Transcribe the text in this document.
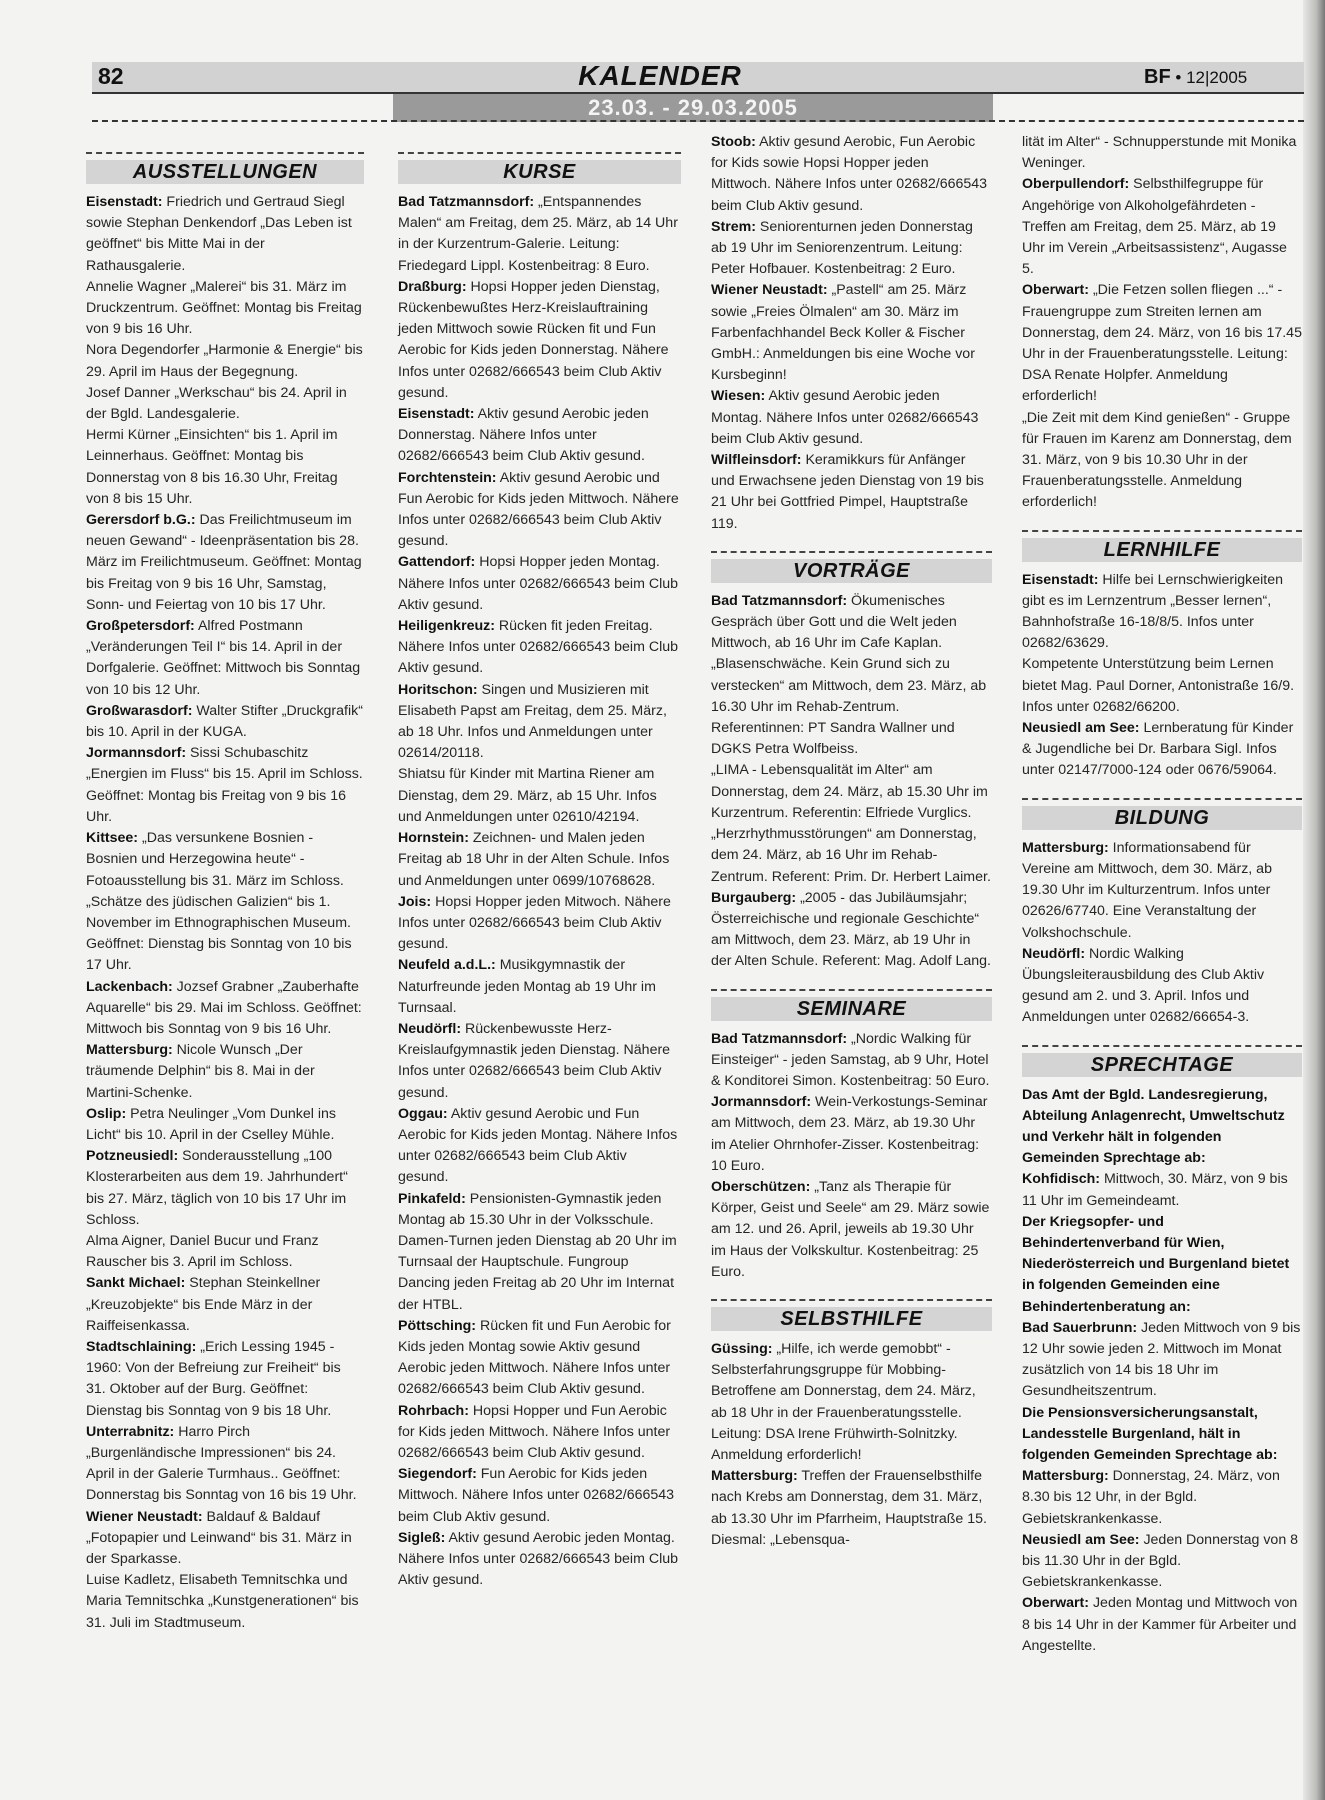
82	KALENDER	BF • 12|2005
23.03. - 29.03.2005
AUSSTELLUNGEN

Eisenstadt: Friedrich und Gertraud Siegl sowie Stephan Denkendorf „Das Leben ist geöffnet“ bis Mitte Mai in der Rathausgalerie.

Annelie Wagner „Malerei“ bis 31. März im Druckzentrum. Geöffnet: Montag bis Freitag von 9 bis 16 Uhr.

Nora Degendorfer „Harmonie & Energie“ bis 29. April im Haus der Begegnung.

Josef Danner „Werkschau“ bis 24. April in der Bgld. Landesgalerie.

Hermi Kürner „Einsichten“ bis 1. April im Leinnerhaus. Geöffnet: Montag bis Donnerstag von 8 bis 16.30 Uhr, Freitag von 8 bis 15 Uhr.

Gerersdorf b.G.: Das Freilichtmuseum im neuen Gewand“ - Ideenpräsentation bis 28. März im Freilichtmuseum. Geöffnet: Montag bis Freitag von 9 bis 16 Uhr, Samstag, Sonn- und Feiertag von 10 bis 17 Uhr.

Großpetersdorf: Alfred Postmann „Veränderungen Teil I“ bis 14. April in der Dorfgalerie. Geöffnet: Mittwoch bis Sonntag von 10 bis 12 Uhr.

Großwarasdorf: Walter Stifter „Druckgrafik“ bis 10. April in der KUGA.

Jormannsdorf: Sissi Schubaschitz „Energien im Fluss“ bis 15. April im Schloss. Geöffnet: Montag bis Freitag von 9 bis 16 Uhr.

Kittsee: „Das versunkene Bosnien - Bosnien und Herzegowina heute“ - Fotoausstellung bis 31. März im Schloss.

„Schätze des jüdischen Galizien“ bis 1. November im Ethnographischen Museum. Geöffnet: Dienstag bis Sonntag von 10 bis 17 Uhr.

Lackenbach: Jozsef Grabner „Zauberhafte Aquarelle“ bis 29. Mai im Schloss. Geöffnet: Mittwoch bis Sonntag von 9 bis 16 Uhr.

Mattersburg: Nicole Wunsch „Der träumende Delphin“ bis 8. Mai in der Martini-Schenke.

Oslip: Petra Neulinger „Vom Dunkel ins Licht“ bis 10. April in der Cselley Mühle.

Potzneusiedl: Sonderausstellung „100 Klosterarbeiten aus dem 19. Jahrhundert“ bis 27. März, täglich von 10 bis 17 Uhr im Schloss.

Alma Aigner, Daniel Bucur und Franz Rauscher bis 3. April im Schloss.

Sankt Michael: Stephan Steinkellner „Kreuzobjekte“ bis Ende März in der Raiffeisenkassa.

Stadtschlaining: „Erich Lessing 1945 - 1960: Von der Befreiung zur Freiheit“ bis 31. Oktober auf der Burg. Geöffnet: Dienstag bis Sonntag von 9 bis 18 Uhr.

Unterrabnitz: Harro Pirch „Burgenländische Impressionen“ bis 24. April in der Galerie Turmhaus.. Geöffnet: Donnerstag bis Sonntag von 16 bis 19 Uhr.

Wiener Neustadt: Baldauf & Baldauf „Fotopapier und Leinwand“ bis 31. März in der Sparkasse.

Luise Kadletz, Elisabeth Temnitschka und Maria Temnitschka „Kunstgenerationen“ bis 31. Juli im Stadtmuseum.

KURSE

Bad Tatzmannsdorf: „Entspannendes Malen“ am Freitag, dem 25. März, ab 14 Uhr in der Kurzentrum-Galerie. Leitung: Friedegard Lippl. Kostenbeitrag: 8 Euro.

Draßburg: Hopsi Hopper jeden Dienstag, Rückenbewußtes Herz-Kreislauftraining jeden Mittwoch sowie Rücken fit und Fun Aerobic for Kids jeden Donnerstag. Nähere Infos unter 02682/666543 beim Club Aktiv gesund.

Eisenstadt: Aktiv gesund Aerobic jeden Donnerstag. Nähere Infos unter 02682/666543 beim Club Aktiv gesund.

Forchtenstein: Aktiv gesund Aerobic und Fun Aerobic for Kids jeden Mittwoch. Nähere Infos unter 02682/666543 beim Club Aktiv gesund.

Gattendorf: Hopsi Hopper jeden Montag. Nähere Infos unter 02682/666543 beim Club Aktiv gesund.

Heiligenkreuz: Rücken fit jeden Freitag. Nähere Infos unter 02682/666543 beim Club Aktiv gesund.

Horitschon: Singen und Musizieren mit Elisabeth Papst am Freitag, dem 25. März, ab 18 Uhr. Infos und Anmeldungen unter 02614/20118.

Shiatsu für Kinder mit Martina Riener am Dienstag, dem 29. März, ab 15 Uhr. Infos und Anmeldungen unter 02610/42194.

Hornstein: Zeichnen- und Malen jeden Freitag ab 18 Uhr in der Alten Schule. Infos und Anmeldungen unter 0699/10768628.

Jois: Hopsi Hopper jeden Mitwoch. Nähere Infos unter 02682/666543 beim Club Aktiv gesund.

Neufeld a.d.L.: Musikgymnastik der Naturfreunde jeden Montag ab 19 Uhr im Turnsaal.

Neudörfl: Rückenbewusste Herz-Kreislaufgymnastik jeden Dienstag. Nähere Infos unter 02682/666543 beim Club Aktiv gesund.

Oggau: Aktiv gesund Aerobic und Fun Aerobic for Kids jeden Montag. Nähere Infos unter 02682/666543 beim Club Aktiv gesund.

Pinkafeld: Pensionisten-Gymnastik jeden Montag ab 15.30 Uhr in der Volksschule.

Damen-Turnen jeden Dienstag ab 20 Uhr im Turnsaal der Hauptschule. Fungroup Dancing jeden Freitag ab 20 Uhr im Internat der HTBL.

Pöttsching: Rücken fit und Fun Aerobic for Kids jeden Montag sowie Aktiv gesund Aerobic jeden Mittwoch. Nähere Infos unter 02682/666543 beim Club Aktiv gesund.

Rohrbach: Hopsi Hopper und Fun Aerobic for Kids jeden Mittwoch. Nähere Infos unter 02682/666543 beim Club Aktiv gesund.

Siegendorf: Fun Aerobic for Kids jeden Mittwoch. Nähere Infos unter 02682/666543 beim Club Aktiv gesund.

Sigleß: Aktiv gesund Aerobic jeden Montag. Nähere Infos unter 02682/666543 beim Club Aktiv gesund.

Stoob: Aktiv gesund Aerobic, Fun Aerobic for Kids sowie Hopsi Hopper jeden Mittwoch. Nähere Infos unter 02682/666543 beim Club Aktiv gesund.

Strem: Seniorenturnen jeden Donnerstag ab 19 Uhr im Seniorenzentrum. Leitung: Peter Hofbauer. Kostenbeitrag: 2 Euro.

Wiener Neustadt: „Pastell“ am 25. März sowie „Freies Ölmalen“ am 30. März im Farbenfachhandel Beck Koller & Fischer GmbH.: Anmeldungen bis eine Woche vor Kursbeginn!

Wiesen: Aktiv gesund Aerobic jeden Montag. Nähere Infos unter 02682/666543 beim Club Aktiv gesund.

Wilfleinsdorf: Keramikkurs für Anfänger und Erwachsene jeden Dienstag von 19 bis 21 Uhr bei Gottfried Pimpel, Hauptstraße 119.

VORTRÄGE

Bad Tatzmannsdorf: Ökumenisches Gespräch über Gott und die Welt jeden Mittwoch, ab 16 Uhr im Cafe Kaplan.

„Blasenschwäche. Kein Grund sich zu verstecken“ am Mittwoch, dem 23. März, ab 16.30 Uhr im Rehab-Zentrum. Referentinnen: PT Sandra Wallner und DGKS Petra Wolfbeiss.

„LIMA - Lebensqualität im Alter“ am Donnerstag, dem 24. März, ab 15.30 Uhr im Kurzentrum. Referentin: Elfriede Vurglics.

„Herzrhythmusstörungen“ am Donnerstag, dem 24. März, ab 16 Uhr im Rehab-Zentrum. Referent: Prim. Dr. Herbert Laimer.

Burgauberg: „2005 - das Jubiläumsjahr; Österreichische und regionale Geschichte“ am Mittwoch, dem 23. März, ab 19 Uhr in der Alten Schule. Referent: Mag. Adolf Lang.

SEMINARE

Bad Tatzmannsdorf: „Nordic Walking für Einsteiger“ - jeden Samstag, ab 9 Uhr, Hotel & Konditorei Simon. Kostenbeitrag: 50 Euro.

Jormannsdorf: Wein-Verkostungs-Seminar am Mittwoch, dem 23. März, ab 19.30 Uhr im Atelier Ohrnhofer-Zisser. Kostenbeitrag: 10 Euro.

Oberschützen: „Tanz als Therapie für Körper, Geist und Seele“ am 29. März sowie am 12. und 26. April, jeweils ab 19.30 Uhr im Haus der Volkskultur. Kostenbeitrag: 25 Euro.

SELBSTHILFE

Güssing: „Hilfe, ich werde gemobbt“ - Selbsterfahrungsgruppe für Mobbing-Betroffene am Donnerstag, dem 24. März, ab 18 Uhr in der Frauenberatungsstelle. Leitung: DSA Irene Frühwirth-Solnitzky. Anmeldung erforderlich!

Mattersburg: Treffen der Frauenselbsthilfe nach Krebs am Donnerstag, dem 31. März, ab 13.30 Uhr im Pfarrheim, Hauptstraße 15. Diesmal: „Lebensqua-

lität im Alter“ - Schnupperstunde mit Monika Weninger.

Oberpullendorf: Selbsthilfegruppe für Angehörige von Alkoholgefährdeten - Treffen am Freitag, dem 25. März, ab 19 Uhr im Verein „Arbeitsassistenz“, Augasse 5.

Oberwart: „Die Fetzen sollen fliegen ...“ - Frauengruppe zum Streiten lernen am Donnerstag, dem 24. März, von 16 bis 17.45 Uhr in der Frauenberatungsstelle. Leitung: DSA Renate Holpfer. Anmeldung erforderlich!

„Die Zeit mit dem Kind genießen“ - Gruppe für Frauen im Karenz am Donnerstag, dem 31. März, von 9 bis 10.30 Uhr in der Frauenberatungsstelle. Anmeldung erforderlich!

LERNHILFE

Eisenstadt: Hilfe bei Lernschwierigkeiten gibt es im Lernzentrum „Besser lernen“, Bahnhofstraße 16-18/8/5. Infos unter 02682/63629.

Kompetente Unterstützung beim Lernen bietet Mag. Paul Dorner, Antonistraße 16/9. Infos unter 02682/66200.

Neusiedl am See: Lernberatung für Kinder & Jugendliche bei Dr. Barbara Sigl. Infos unter 02147/7000-124 oder 0676/59064.

BILDUNG

Mattersburg: Informationsabend für Vereine am Mittwoch, dem 30. März, ab 19.30 Uhr im Kulturzentrum. Infos unter 02626/67740. Eine Veranstaltung der Volkshochschule.

Neudörfl: Nordic Walking Übungsleiterausbildung des Club Aktiv gesund am 2. und 3. April. Infos und Anmeldungen unter 02682/66654-3.

SPRECHTAGE

Das Amt der Bgld. Landesregierung, Abteilung Anlagenrecht, Umweltschutz und Verkehr hält in folgenden Gemeinden Sprechtage ab:

Kohfidisch: Mittwoch, 30. März, von 9 bis 11 Uhr im Gemeindeamt.

Der Kriegsopfer- und Behindertenverband für Wien, Niederösterreich und Burgenland bietet in folgenden Gemeinden eine Behindertenberatung an:

Bad Sauerbrunn: Jeden Mittwoch von 9 bis 12 Uhr sowie jeden 2. Mittwoch im Monat zusätzlich von 14 bis 18 Uhr im Gesundheitszentrum.

Die Pensionsversicherungsanstalt, Landesstelle Burgenland, hält in folgenden Gemeinden Sprechtage ab:

Mattersburg: Donnerstag, 24. März, von 8.30 bis 12 Uhr, in der Bgld. Gebietskrankenkasse.

Neusiedl am See: Jeden Donnerstag von 8 bis 11.30 Uhr in der Bgld. Gebietskrankenkasse.

Oberwart: Jeden Montag und Mittwoch von 8 bis 14 Uhr in der Kammer für Arbeiter und Angestellte.
